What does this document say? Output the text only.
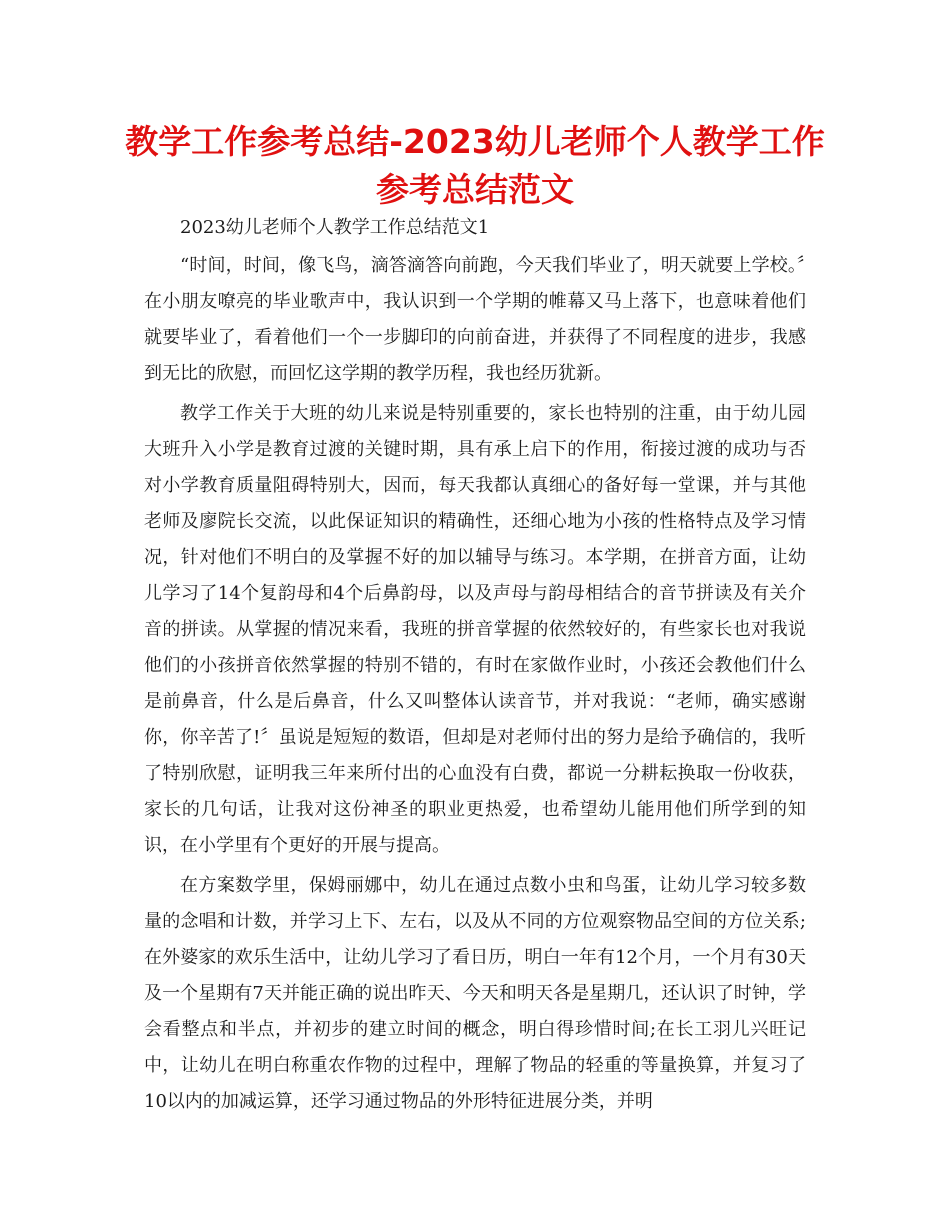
教学工作参考总结-2023幼儿老师个人教学工作
参考总结范文

2023幼儿老师个人教学工作总结范文1

“时间，时间，像飞鸟，滴答滴答向前跑，今天我们毕业了，明天就要上学校。〞在小朋友嘹亮的毕业歌声中，我认识到一个学期的帷幕又马上落下，也意味着他们就要毕业了，看着他们一个一步脚印的向前奋进，并获得了不同程度的进步，我感到无比的欣慰，而回忆这学期的教学历程，我也经历犹新。

教学工作关于大班的幼儿来说是特别重要的，家长也特别的注重，由于幼儿园大班升入小学是教育过渡的关键时期，具有承上启下的作用，衔接过渡的成功与否对小学教育质量阻碍特别大，因而，每天我都认真细心的备好每一堂课，并与其他老师及廖院长交流，以此保证知识的精确性，还细心地为小孩的性格特点及学习情况，针对他们不明白的及掌握不好的加以辅导与练习。本学期，在拼音方面，让幼儿学习了14个复韵母和4个后鼻韵母，以及声母与韵母相结合的音节拼读及有关介音的拼读。从掌握的情况来看，我班的拼音掌握的依然较好的，有些家长也对我说他们的小孩拼音依然掌握的特别不错的，有时在家做作业时，小孩还会教他们什么是前鼻音，什么是后鼻音，什么又叫整体认读音节，并对我说：“老师，确实感谢你，你辛苦了!〞虽说是短短的数语，但却是对老师付出的努力是给予确信的，我听了特别欣慰，证明我三年来所付出的心血没有白费，都说一分耕耘换取一份收获，家长的几句话，让我对这份神圣的职业更热爱，也希望幼儿能用他们所学到的知识，在小学里有个更好的开展与提高。

在方案数学里，保姆丽娜中，幼儿在通过点数小虫和鸟蛋，让幼儿学习较多数量的念唱和计数，并学习上下、左右，以及从不同的方位观察物品空间的方位关系;在外婆家的欢乐生活中，让幼儿学习了看日历，明白一年有12个月，一个月有30天及一个星期有7天并能正确的说出昨天、今天和明天各是星期几，还认识了时钟，学会看整点和半点，并初步的建立时间的概念，明白得珍惜时间;在长工羽儿兴旺记中，让幼儿在明白称重农作物的过程中，理解了物品的轻重的等量换算，并复习了10以内的加减运算，还学习通过物品的外形特征进展分类，并明
